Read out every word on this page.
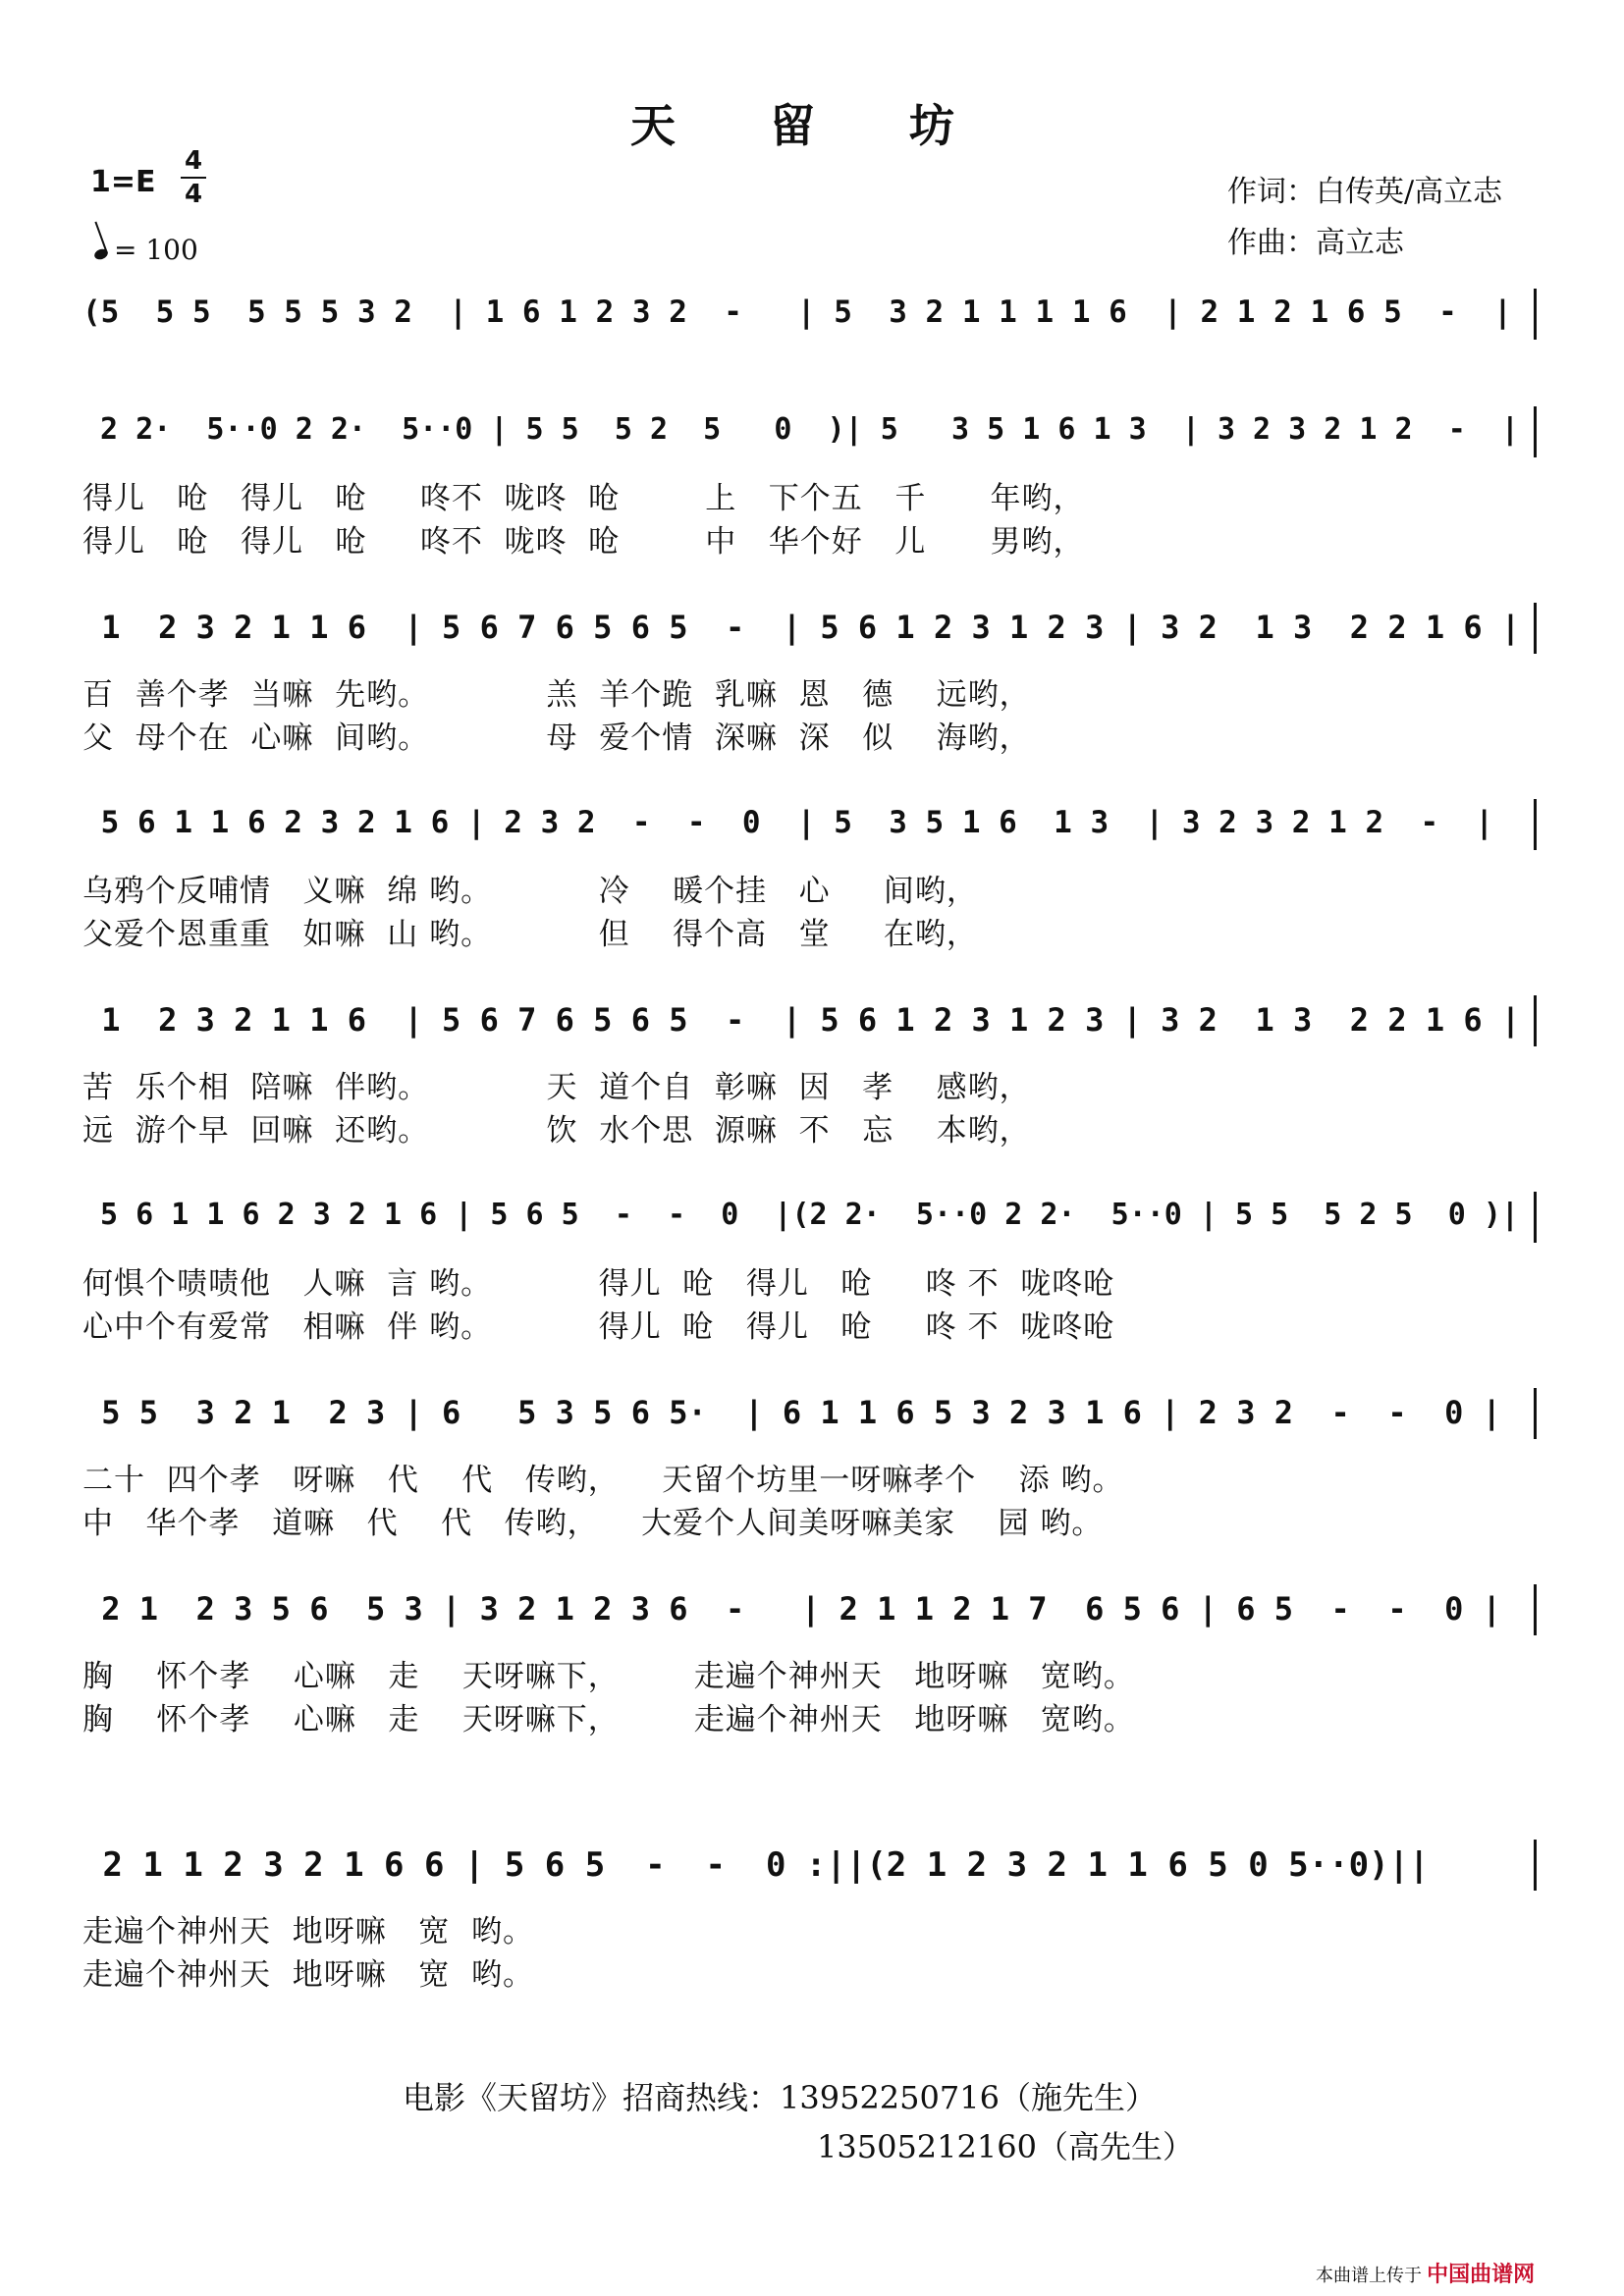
天 留 坊
1=E
4
4
= 100
作词：白传英/高立志
作曲：高立志
(5  5 5  5 5 5 3 2  | 1 6 1 2 3 2  -   | 5  3 2 1 1 1 1 6  | 2 1 2 1 6 5  -  |
2 2·  5··0 2 2·  5··0 | 5 5  5 2  5   0  )| 5   3 5 1 6 1 3  | 3 2 3 2 1 2  -  |
得儿   呛   得儿   呛     咚不  咙咚  呛        上   下个五   千      年哟，
得儿   呛   得儿   呛     咚不  咙咚  呛        中   华个好   儿      男哟，
1  2 3 2 1 1 6  | 5 6 7 6 5 6 5  -  | 5 6 1 2 3 1 2 3 | 3 2  1 3  2 2 1 6 |
百  善个孝  当嘛  先哟。           羔  羊个跪  乳嘛  恩   德    远哟，
父  母个在  心嘛  间哟。           母  爱个情  深嘛  深   似    海哟，
5 6 1 1 6 2 3 2 1 6 | 2 3 2  -  -  0  | 5  3 5 1 6  1 3  | 3 2 3 2 1 2  -  |
乌鸦个反哺情   义嘛  绵 哟。          冷    暖个挂   心     间哟，
父爱个恩重重   如嘛  山 哟。          但    得个高   堂     在哟，
1  2 3 2 1 1 6  | 5 6 7 6 5 6 5  -  | 5 6 1 2 3 1 2 3 | 3 2  1 3  2 2 1 6 |
苦  乐个相  陪嘛  伴哟。           天  道个自  彰嘛  因   孝    感哟，
远  游个早  回嘛  还哟。           饮  水个思  源嘛  不   忘    本哟，
5 6 1 1 6 2 3 2 1 6 | 5 6 5  -  -  0  |(2 2·  5··0 2 2·  5··0 | 5 5  5 2 5  0 )|
何惧个啧啧他   人嘛  言 哟。          得儿  呛   得儿   呛     咚 不  咙咚呛
心中个有爱常   相嘛  伴 哟。          得儿  呛   得儿   呛     咚 不  咙咚呛
5 5  3 2 1  2 3 | 6   5 3 5 6 5·  | 6 1 1 6 5 3 2 3 1 6 | 2 3 2  -  -  0 |
二十  四个孝   呀嘛   代    代   传哟，    天留个坊里一呀嘛孝个    添 哟。
中   华个孝   道嘛   代    代   传哟，    大爱个人间美呀嘛美家    园 哟。
2 1  2 3 5 6  5 3 | 3 2 1 2 3 6  -   | 2 1 1 2 1 7  6 5 6 | 6 5  -  -  0 |
胸    怀个孝    心嘛   走    天呀嘛下，       走遍个神州天   地呀嘛   宽哟。
胸    怀个孝    心嘛   走    天呀嘛下，       走遍个神州天   地呀嘛   宽哟。
2 1 1 2 3 2 1 6 6 | 5 6 5  -  -  0 :||(2 1 2 3 2 1 1 6 5 0 5··0)||
走遍个神州天  地呀嘛   宽  哟。
走遍个神州天  地呀嘛   宽  哟。
电影《天留坊》招商热线：13952250716（施先生）
13505212160（高先生）
本曲谱上传于 中国曲谱网
